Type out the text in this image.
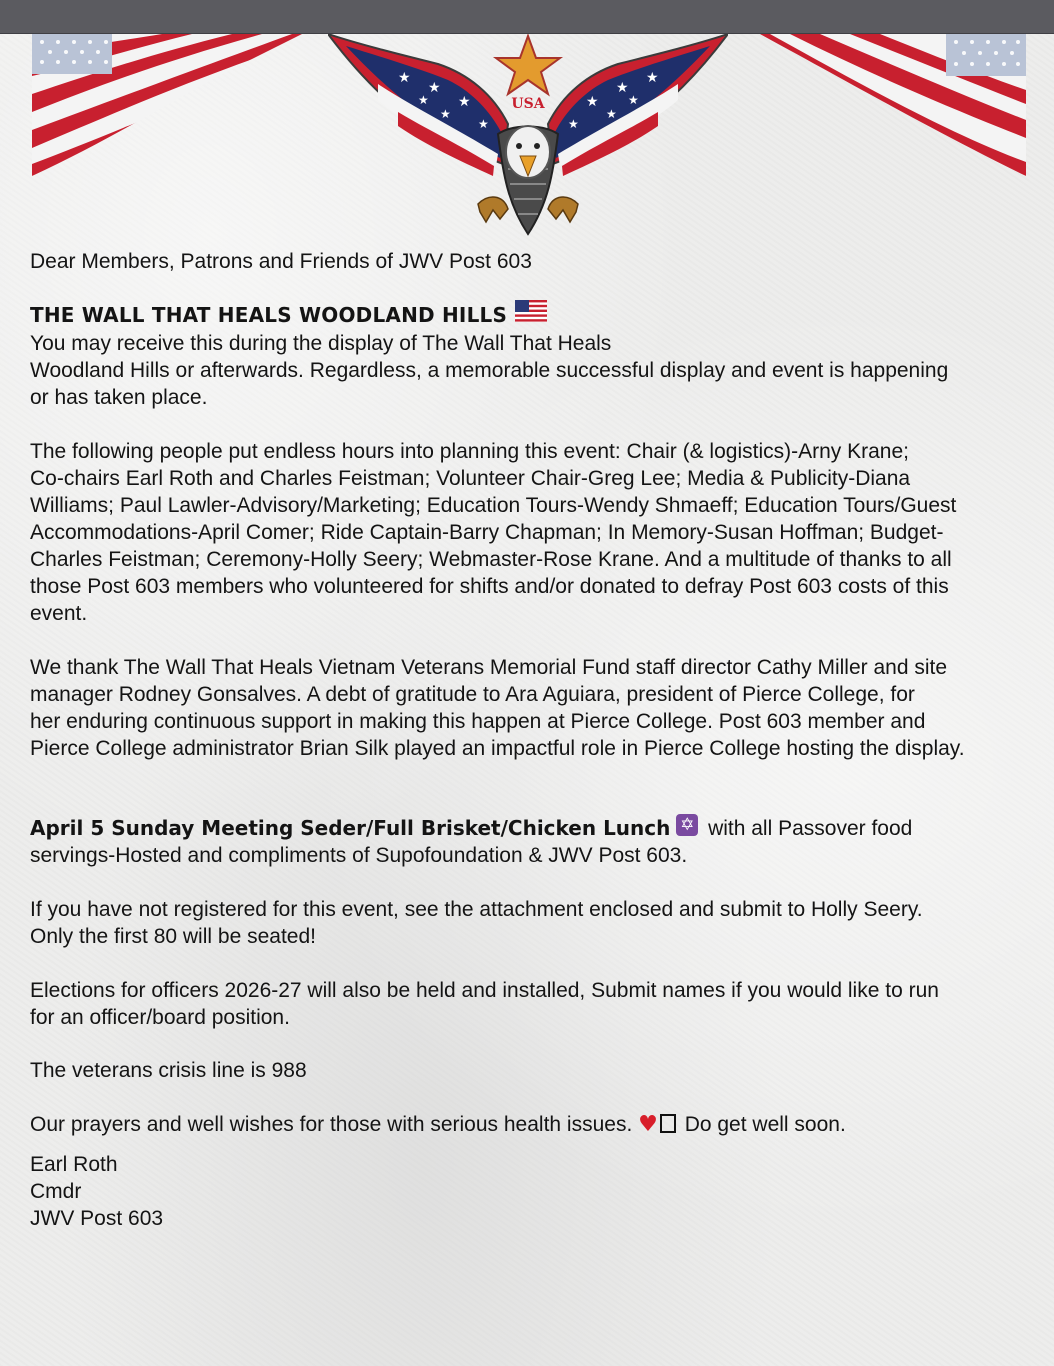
★
★
★
★
★
★
★
★
★
★
★
★
USA

Dear Members, Patrons and Friends of JWV Post 603

THE WALL THAT HEALS WOODLAND HILLS

You may receive this during the display of The Wall That Heals
Woodland Hills or afterwards. Regardless, a memorable successful display and event is happening
or has taken place.

The following people put endless hours into planning this event: Chair (& logistics)-Arny Krane;
Co-chairs Earl Roth and Charles Feistman; Volunteer Chair-Greg Lee; Media & Publicity-Diana
Williams; Paul Lawler-Advisory/Marketing; Education Tours-Wendy Shmaeff; Education Tours/Guest
Accommodations-April Comer; Ride Captain-Barry Chapman; In Memory-Susan Hoffman; Budget-
Charles Feistman; Ceremony-Holly Seery; Webmaster-Rose Krane. And a multitude of thanks to all
those Post 603 members who volunteered for shifts and/or donated to defray Post 603 costs of this
event.

We thank The Wall That Heals Vietnam Veterans Memorial Fund staff director Cathy Miller and site
manager Rodney Gonsalves. A debt of gratitude to Ara Aguiara, president of Pierce College, for
her enduring continuous support in making this happen at Pierce College. Post 603 member and
Pierce College administrator Brian Silk played an impactful role in Pierce College hosting the display.

April 5 Sunday Meeting Seder/Full Brisket/Chicken Lunch ✡ with all Passover food
servings-Hosted and compliments of Supofoundation & JWV Post 603.

If you have not registered for this event, see the attachment enclosed and submit to Holly Seery.
Only the first 80 will be seated!

Elections for officers 2026-27 will also be held and installed, Submit names if you would like to run
for an officer/board position.

The veterans crisis line is 988

Our prayers and well wishes for those with serious health issues. ♥ Do get well soon.

Earl Roth
Cmdr
JWV Post 603
